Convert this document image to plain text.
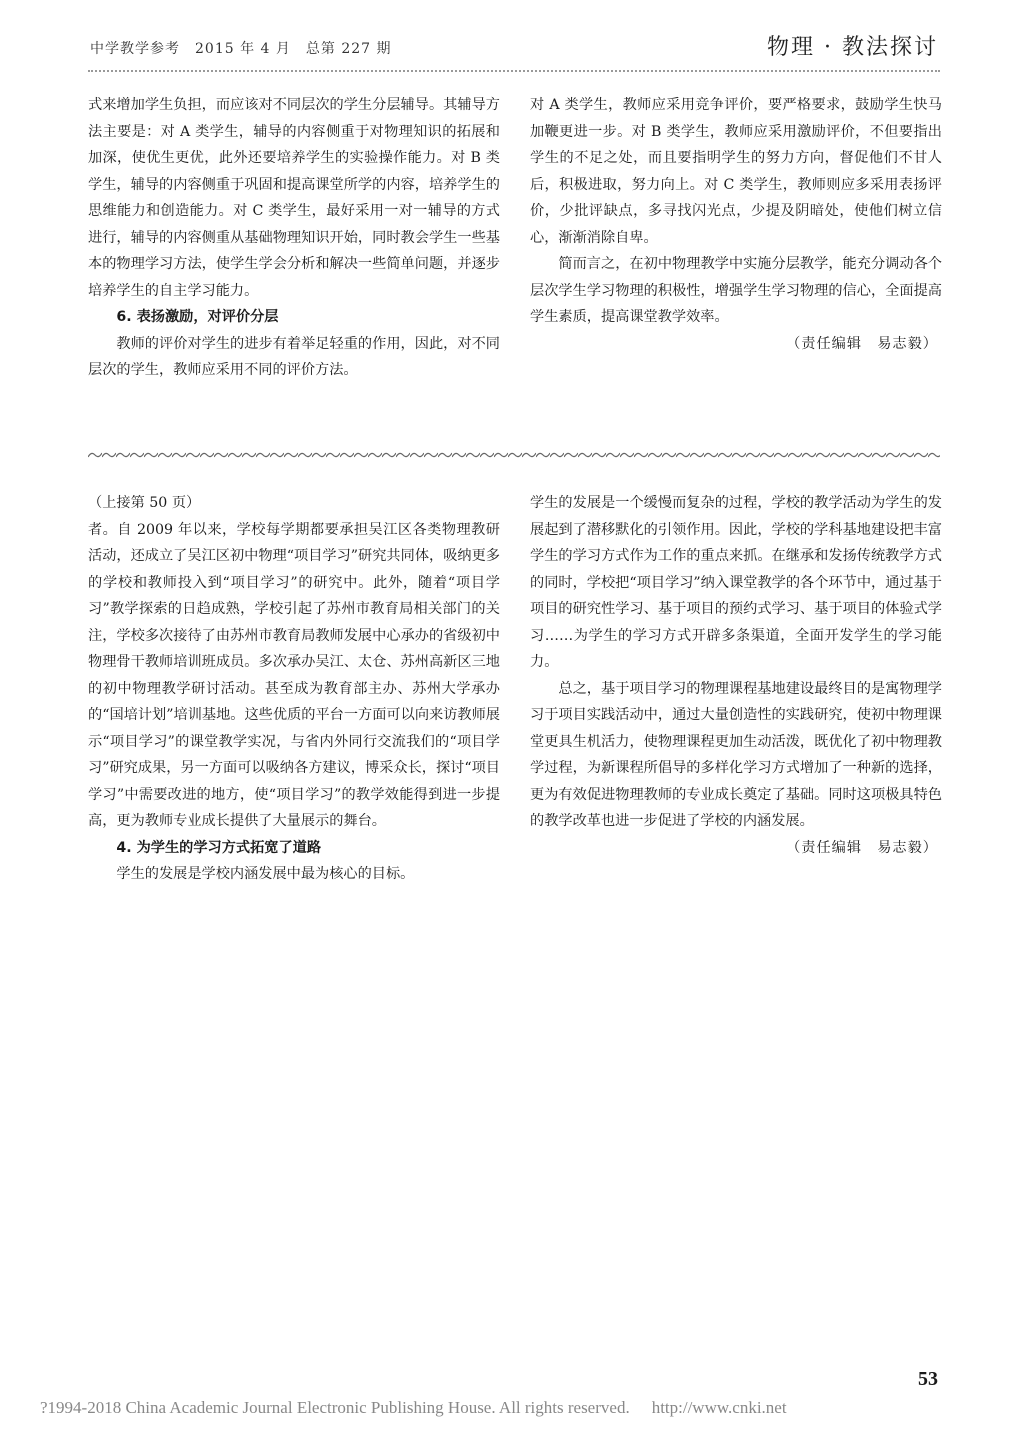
中学教学参考　2015 年 4 月　总第 227 期	物理 · 教法探讨

式来增加学生负担，而应该对不同层次的学生分层辅导。其辅导方法主要是：对 A 类学生，辅导的内容侧重于对物理知识的拓展和加深，使优生更优，此外还要培养学生的实验操作能力。对 B 类学生，辅导的内容侧重于巩固和提高课堂所学的内容，培养学生的思维能力和创造能力。对 C 类学生，最好采用一对一辅导的方式进行，辅导的内容侧重从基础物理知识开始，同时教会学生一些基本的物理学习方法，使学生学会分析和解决一些简单问题，并逐步培养学生的自主学习能力。

6. 表扬激励，对评价分层

教师的评价对学生的进步有着举足轻重的作用，因此，对不同层次的学生，教师应采用不同的评价方法。

对 A 类学生，教师应采用竞争评价，要严格要求，鼓励学生快马加鞭更进一步。对 B 类学生，教师应采用激励评价，不但要指出学生的不足之处，而且要指明学生的努力方向，督促他们不甘人后，积极进取，努力向上。对 C 类学生，教师则应多采用表扬评价，少批评缺点，多寻找闪光点，少提及阴暗处，使他们树立信心，渐渐消除自卑。

简而言之，在初中物理教学中实施分层教学，能充分调动各个层次学生学习物理的积极性，增强学生学习物理的信心，全面提高学生素质，提高课堂教学效率。

（责任编辑　易志毅）

（上接第 50 页）

者。自 2009 年以来，学校每学期都要承担吴江区各类物理教研活动，还成立了吴江区初中物理“项目学习”研究共同体，吸纳更多的学校和教师投入到“项目学习”的研究中。此外，随着“项目学习”教学探索的日趋成熟，学校引起了苏州市教育局相关部门的关注，学校多次接待了由苏州市教育局教师发展中心承办的省级初中物理骨干教师培训班成员。多次承办吴江、太仓、苏州高新区三地的初中物理教学研讨活动。甚至成为教育部主办、苏州大学承办的“国培计划”培训基地。这些优质的平台一方面可以向来访教师展示“项目学习”的课堂教学实况，与省内外同行交流我们的“项目学习”研究成果，另一方面可以吸纳各方建议，博采众长，探讨“项目学习”中需要改进的地方，使“项目学习”的教学效能得到进一步提高，更为教师专业成长提供了大量展示的舞台。

4. 为学生的学习方式拓宽了道路

学生的发展是学校内涵发展中最为核心的目标。

学生的发展是一个缓慢而复杂的过程，学校的教学活动为学生的发展起到了潜移默化的引领作用。因此，学校的学科基地建设把丰富学生的学习方式作为工作的重点来抓。在继承和发扬传统教学方式的同时，学校把“项目学习”纳入课堂教学的各个环节中，通过基于项目的研究性学习、基于项目的预约式学习、基于项目的体验式学习……为学生的学习方式开辟多条渠道，全面开发学生的学习能力。

总之，基于项目学习的物理课程基地建设最终目的是寓物理学习于项目实践活动中，通过大量创造性的实践研究，使初中物理课堂更具生机活力，使物理课程更加生动活泼，既优化了初中物理教学过程，为新课程所倡导的多样化学习方式增加了一种新的选择，更为有效促进物理教师的专业成长奠定了基础。同时这项极具特色的教学改革也进一步促进了学校的内涵发展。

（责任编辑　易志毅）

53
?1994-2018 China Academic Journal Electronic Publishing House. All rights reserved. http://www.cnki.net
